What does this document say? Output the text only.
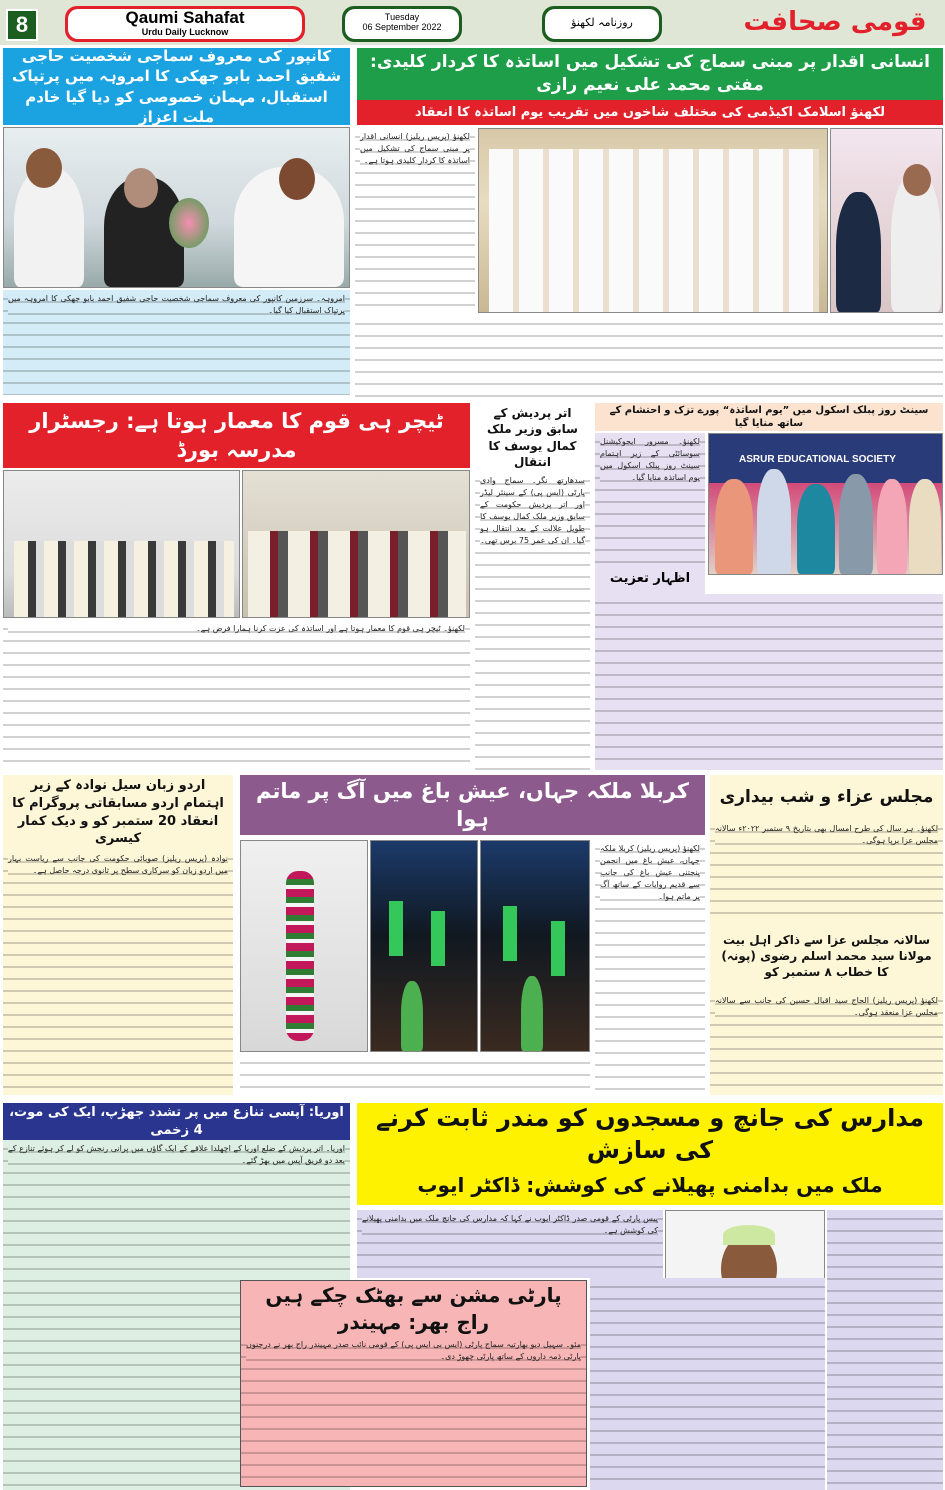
8	Qaumi Sahafat
Urdu Daily Lucknow
Tuesday
06 September 2022	روزنامہ لکھنؤ	قومی صحافت
کانپور کی معروف سماجی شخصیت حاجی شفیق احمد بابو جھکی کا امروہہ میں پرتپاک استقبال، مہمان خصوصی کو دیا گیا خادم ملت اعزاز
امروہہ۔ سرزمین کانپور کی معروف سماجی شخصیت حاجی شفیق احمد بابو جھکی کا امروہہ میں پرتپاک استقبال کیا گیا۔
انسانی اقدار پر مبنی سماج کی تشکیل میں اساتذہ کا کردار کلیدی: مفتی محمد علی نعیم رازی
لکھنؤ اسلامک اکیڈمی کی مختلف شاخوں میں تقریب یوم اساتذہ کا انعقاد
لکھنؤ (پریس ریلیز) انسانی اقدار پر مبنی سماج کی تشکیل میں اساتذہ کا کردار کلیدی ہوتا ہے۔
ٹیچر ہی قوم کا معمار ہوتا ہے: رجسٹرار مدرسہ بورڈ
لکھنؤ۔ ٹیچر ہی قوم کا معمار ہوتا ہے اور اساتذہ کی عزت کرنا ہمارا فرض ہے۔
اتر پردیش کے سابق وزیر ملک کمال یوسف کا انتقال
سدھارتھ نگر۔ سماج وادی پارٹی (ایس پی) کے سینئر لیڈر اور اتر پردیش حکومت کے سابق وزیر ملک کمال یوسف کا طویل علالت کے بعد انتقال ہو گیا۔ ان کی عمر 75 برس تھی۔
سینٹ روز پبلک اسکول میں ”یوم اساتذہ“ پورے تزک و احتشام کے ساتھ منایا گیا
لکھنؤ۔ مسرور ایجوکیشنل سوسائٹی کے زیر اہتمام سینٹ روز پبلک اسکول میں یوم اساتذہ منایا گیا۔
اظہار تعزیت
ASRUR EDUCATIONAL SOCIETY
اردو زبان سیل نوادہ کے زیر اہتمام اردو مسابقاتی پروگرام کا انعقاد 20 ستمبر کو و دیک کمار کیسری
نوادہ (پریس ریلیز) صوبائی حکومت کی جانب سے ریاست بہار میں اردو زبان کو سرکاری سطح پر ثانوی درجہ حاصل ہے۔
کربلا ملکہ جہاں، عیش باغ میں آگ پر ماتم ہوا
لکھنؤ (پریس ریلیز) کربلا ملکہ جہاں، عیش باغ میں انجمن پنجتنی عیش باغ کی جانب سے قدیم روایات کے ساتھ آگ پر ماتم ہوا۔
مجلس عزاء و شب بیداری
لکھنؤ۔ ہر سال کی طرح امسال بھی بتاریخ ۹ ستمبر ۲۰۲۲ء سالانہ مجلس عزا برپا ہوگی۔
سالانہ مجلس عزا سے ذاکر اہل بیت مولانا سید محمد اسلم رضوی (پونہ) کا خطاب ۸ ستمبر کو
لکھنؤ (پریس ریلیز) الحاج سید اقبال حسین کی جانب سے سالانہ مجلس عزا منعقد ہوگی۔
اوریا: آپسی تنازع میں پر تشدد جھڑپ، ایک کی موت، 4 زخمی
اوریا۔ اتر پردیش کے ضلع اوریا کے اچھلدا علاقے کے ایک گاؤں میں پرانی رنجش کو لے کر ہوئے تنازع کے بعد دو فریق آپس میں بھڑ گئے۔
مدارس کی جانچ و مسجدوں کو مندر ثابت کرنے کی سازش
ملک میں بدامنی پھیلانے کی کوشش: ڈاکٹر ایوب
پیس پارٹی کے قومی صدر ڈاکٹر ایوب نے کہا کہ مدارس کی جانچ ملک میں بدامنی پھیلانے کی کوشش ہے۔
پارٹی مشن سے بھٹک چکے ہیں راج بھر: مہیندر
مئو۔ سہیل دیو بھارتیہ سماج پارٹی (ایس بی ایس پی) کے قومی نائب صدر مہیندر راج بھر نے درجنوں پارٹی ذمہ داروں کے ساتھ پارٹی چھوڑ دی۔
